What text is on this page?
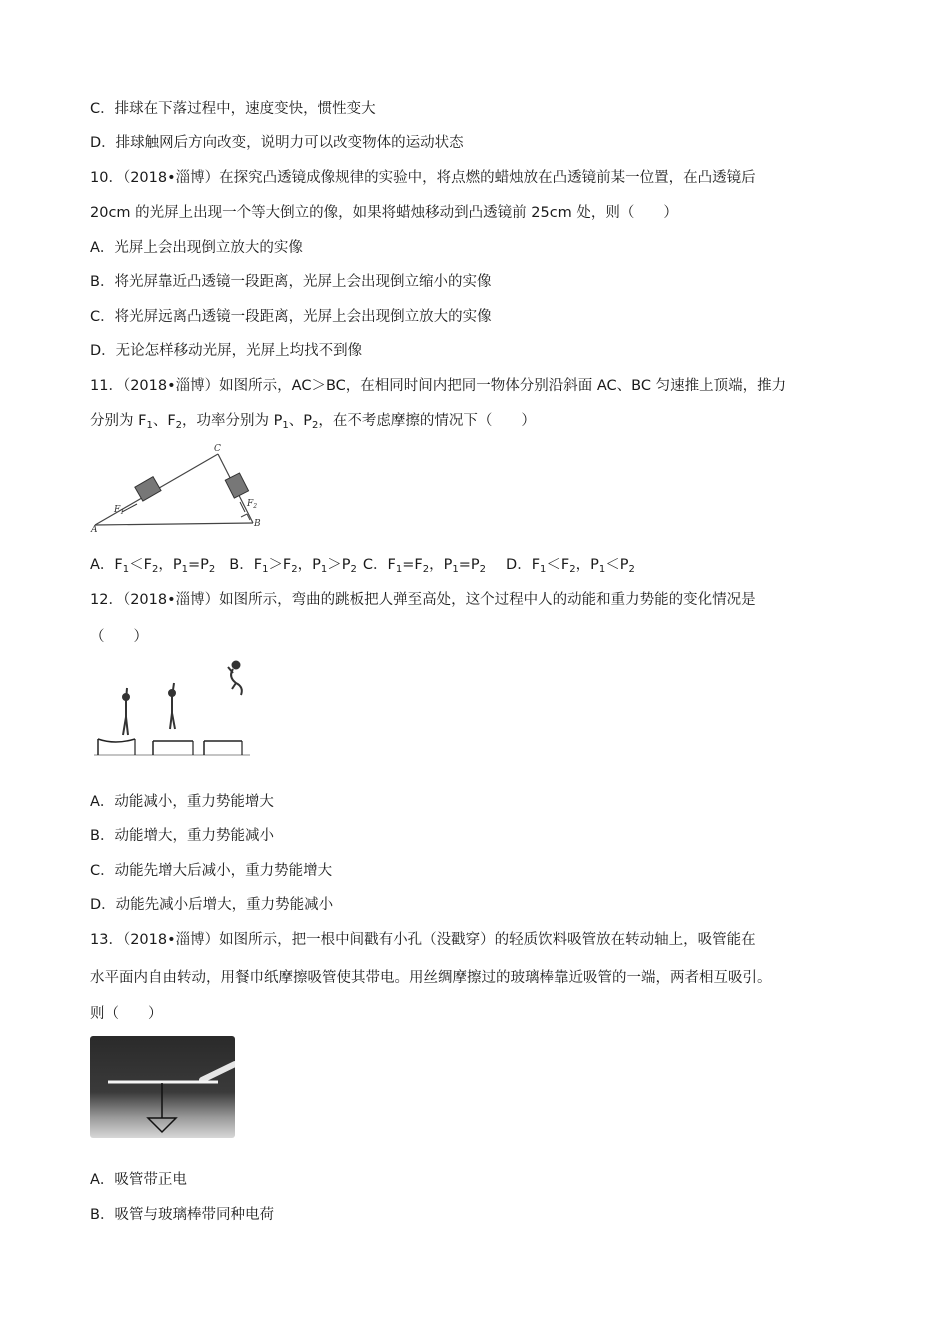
C．排球在下落过程中，速度变快，惯性变大
D．排球触网后方向改变，说明力可以改变物体的运动状态
10．（2018•淄博）在探究凸透镜成像规律的实验中，将点燃的蜡烛放在凸透镜前某一位置，在凸透镜后
20cm 的光屏上出现一个等大倒立的像，如果将蜡烛移动到凸透镜前 25cm 处，则（　　）
A．光屏上会出现倒立放大的实像
B．将光屏靠近凸透镜一段距离，光屏上会出现倒立缩小的实像
C．将光屏远离凸透镜一段距离，光屏上会出现倒立放大的实像
D．无论怎样移动光屏，光屏上均找不到像
11．（2018•淄博）如图所示，AC＞BC，在相同时间内把同一物体分别沿斜面 AC、BC 匀速推上顶端，推力
分别为 $F_1$、$F_2$，功率分别为 $P_1$、$P_2$，在不考虑摩擦的情况下（　　）
A
B
C
$F_1$
$F_2$
A．$F_1<F_2$，$P_1=P_2$ B．$F_1>F_2$，$P_1>P_2$ C．$F_1=F_2$，$P_1=P_2$ D．$F_1<F_2$，$P_1<P_2$
12．（2018•淄博）如图所示，弯曲的跳板把人弹至高处，这个过程中人的动能和重力势能的变化情况是
（　　）
A．动能减小，重力势能增大
B．动能增大，重力势能减小
C．动能先增大后减小，重力势能增大
D．动能先减小后增大，重力势能减小
13．（2018•淄博）如图所示，把一根中间戳有小孔（没戳穿）的轻质饮料吸管放在转动轴上，吸管能在
水平面内自由转动，用餐巾纸摩擦吸管使其带电。用丝绸摩擦过的玻璃棒靠近吸管的一端，两者相互吸引。
则（　　）
A．吸管带正电
B．吸管与玻璃棒带同种电荷
